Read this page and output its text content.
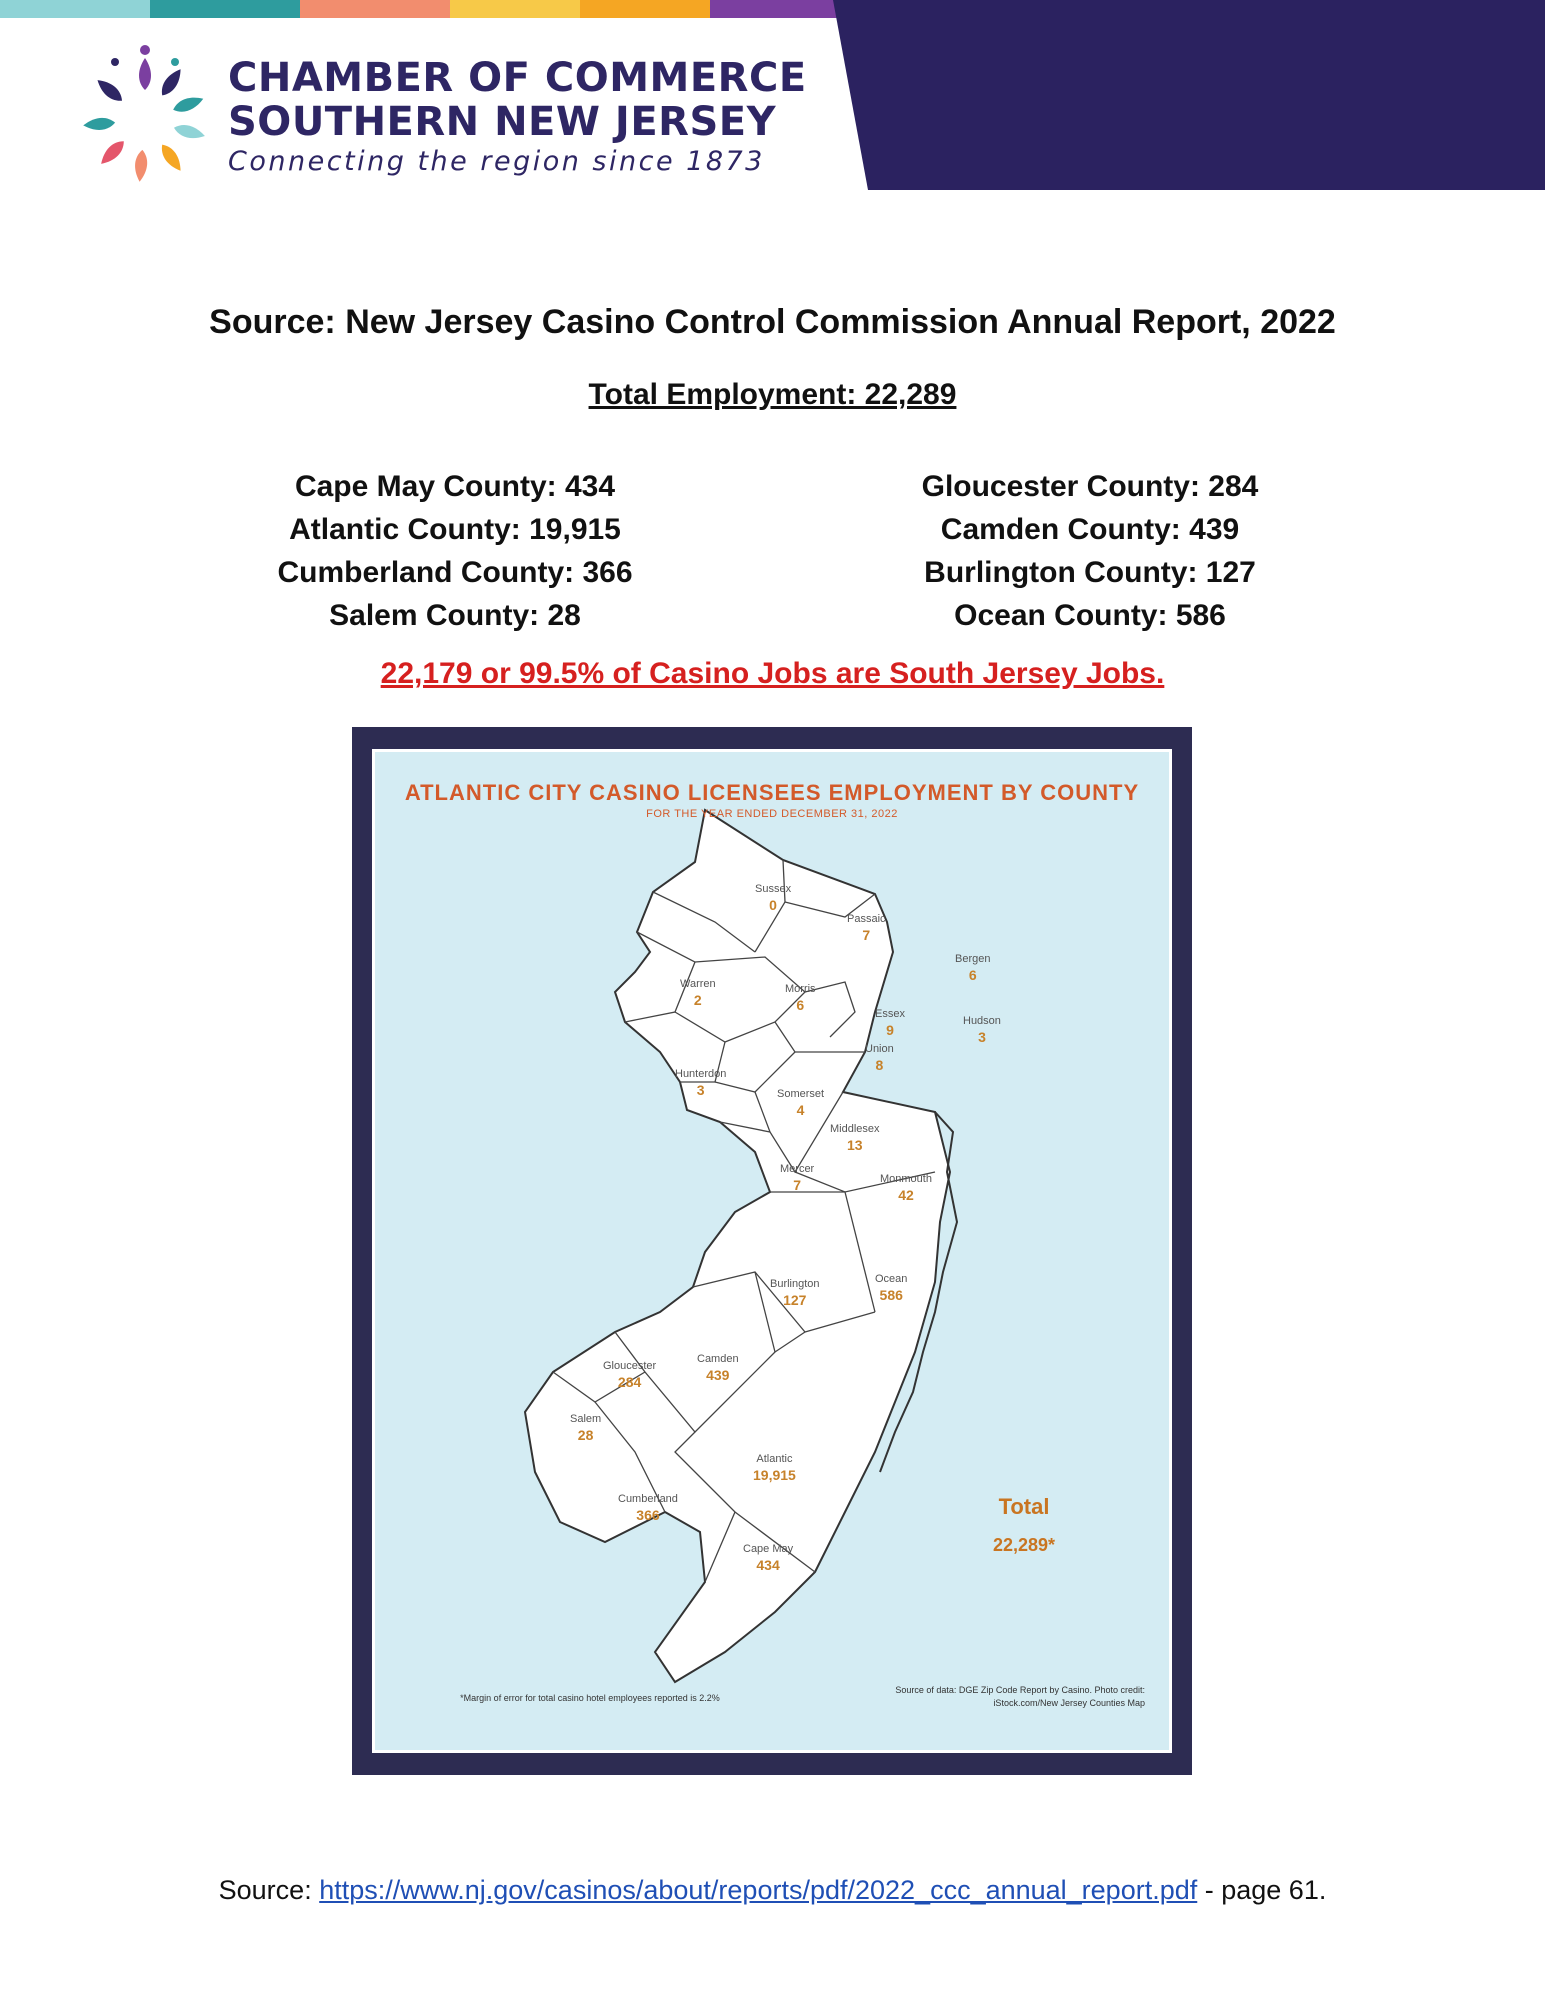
CHAMBER OF COMMERCE
SOUTHERN NEW JERSEY
Connecting the region since 1873
Source: New Jersey Casino Control Commission Annual Report, 2022
Total Employment: 22,289
Cape May County: 434
Atlantic County: 19,915
Cumberland County: 366
Salem County: 28
Gloucester County: 284
Camden County: 439
Burlington County: 127
Ocean County: 586
22,179 or 99.5% of Casino Jobs are South Jersey Jobs.
ATLANTIC CITY CASINO LICENSEES EMPLOYMENT BY COUNTY
FOR THE YEAR ENDED DECEMBER 31, 2022
Sussex
0
Passaic
7
Bergen
6
Warren
2
Morris
6
Essex
9
Hudson
3
Union
8
Hunterdon
3	Somerset
4
Middlesex
13
Mercer
7	Monmouth
42
Burlington
127
Ocean
586
Gloucester
284
Camden
439
Salem
28
Atlantic
19,915
Cumberland
366
Cape May
434
Total
22,289*
*Margin of error for total casino hotel employees reported is 2.2%
Source of data: DGE Zip Code Report by Casino. Photo credit: iStock.com/New Jersey Counties Map
Source: https://www.nj.gov/casinos/about/reports/pdf/2022_ccc_annual_report.pdf - page 61.
